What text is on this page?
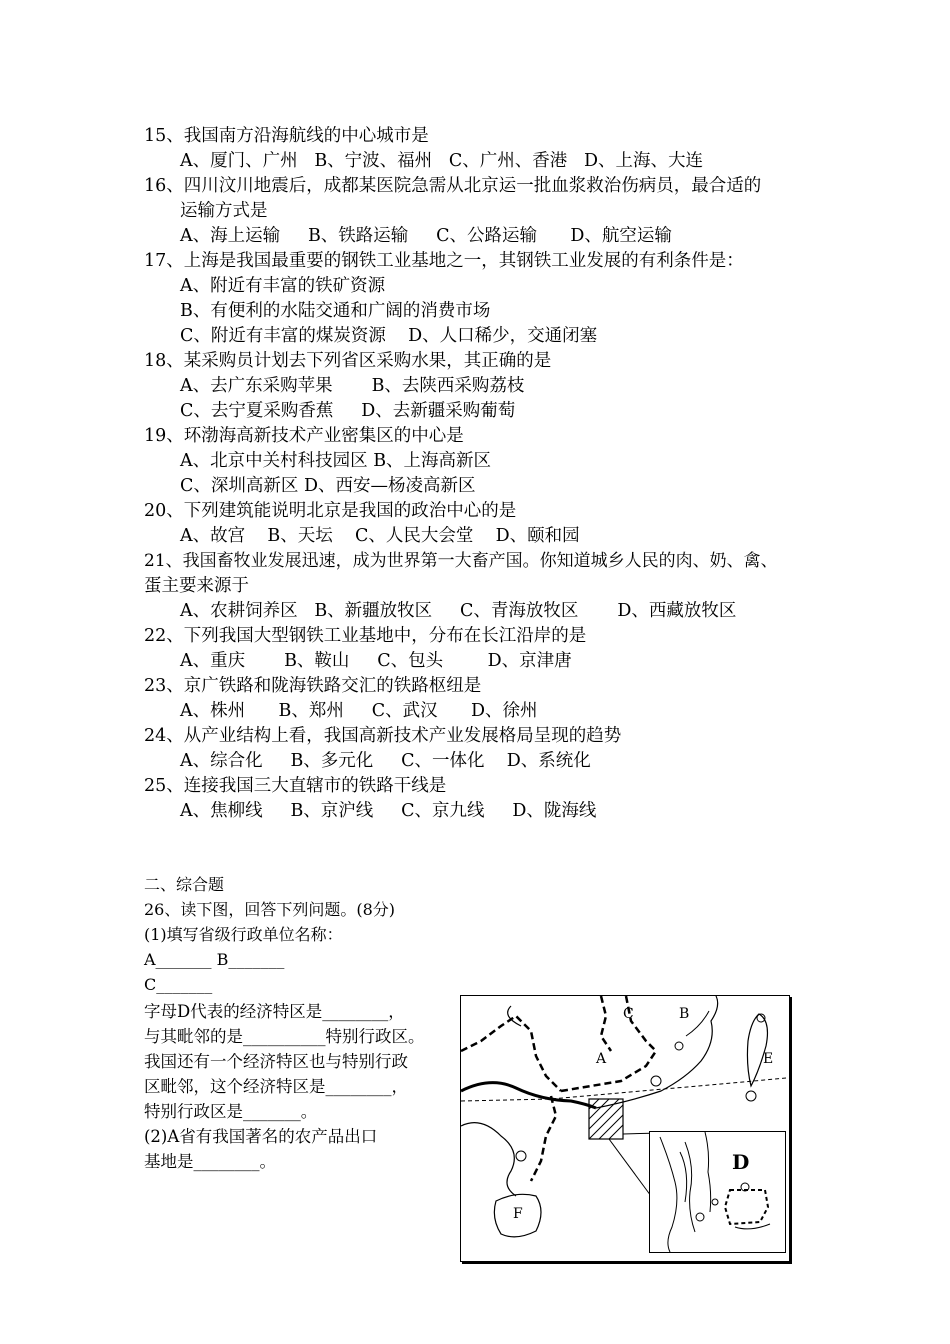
15、我国南方沿海航线的中心城市是
A、厦门、广州   B、宁波、福州   C、广州、香港   D、上海、大连
16、四川汶川地震后，成都某医院急需从北京运一批血浆救治伤病员，最合适的
运输方式是
A、海上运输     B、铁路运输     C、公路运输      D、航空运输
17、上海是我国最重要的钢铁工业基地之一，其钢铁工业发展的有利条件是：
A、附近有丰富的铁矿资源
B、有便利的水陆交通和广阔的消费市场
C、附近有丰富的煤炭资源    D、人口稀少，交通闭塞
18、某采购员计划去下列省区采购水果，其正确的是
A、去广东采购苹果       B、去陕西采购荔枝
C、去宁夏采购香蕉     D、去新疆采购葡萄
19、环渤海高新技术产业密集区的中心是
A、北京中关村科技园区 B、上海高新区
C、深圳高新区 D、西安—杨凌高新区
20、下列建筑能说明北京是我国的政治中心的是
A、故宫    B、天坛    C、人民大会堂    D、颐和园
21、我国畜牧业发展迅速，成为世界第一大畜产国。你知道城乡人民的肉、奶、禽、
蛋主要来源于
A、农耕饲养区   B、新疆放牧区     C、青海放牧区       D、西藏放牧区
22、下列我国大型钢铁工业基地中，分布在长江沿岸的是
A、重庆       B、鞍山     C、包头        D、京津唐
23、京广铁路和陇海铁路交汇的铁路枢纽是
A、株州      B、郑州     C、武汉      D、徐州
24、从产业结构上看，我国高新技术产业发展格局呈现的趋势
A、综合化     B、多元化     C、一体化    D、系统化
25、连接我国三大直辖市的铁路干线是
A、焦柳线     B、京沪线     C、京九线     D、陇海线
二、综合题
26、读下图，回答下列问题。(8分)
(1)填写省级行政单位名称：
A_______ B_______
C_______
字母D代表的经济特区是________，
与其毗邻的是__________特别行政区。
我国还有一个经济特区也与特别行政
区毗邻，这个经济特区是________，
特别行政区是_______。
(2)A省有我国著名的农产品出口
基地是________。
C	B
A	E
F
D
